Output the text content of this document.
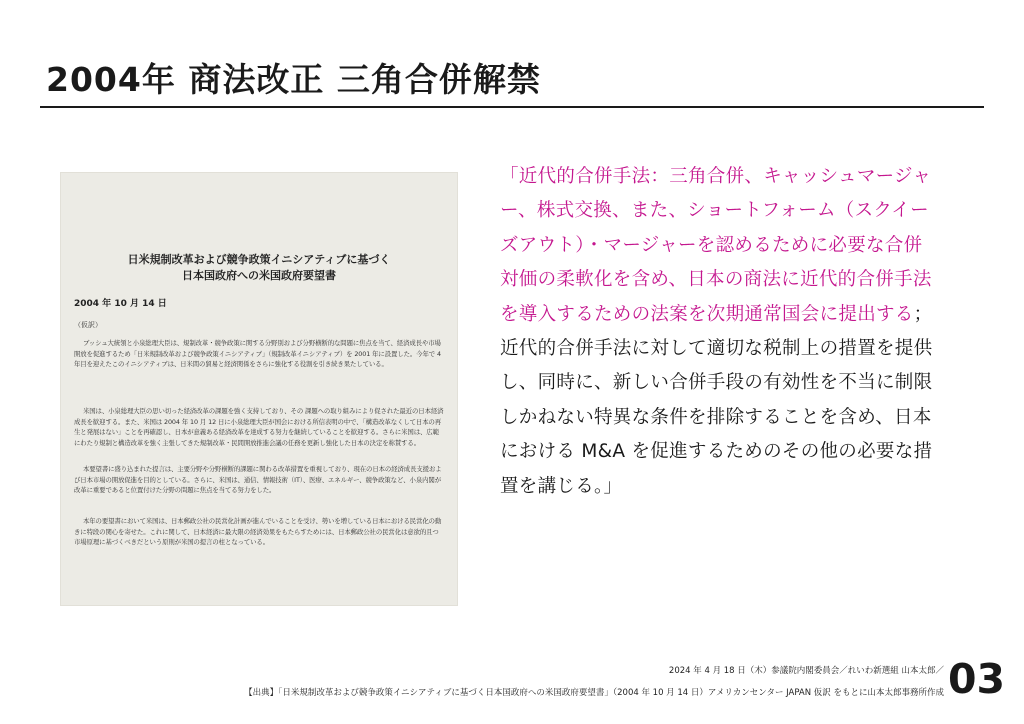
2004年 商法改正 三角合併解禁
日米規制改革および競争政策イニシアティブに基づく
日本国政府への米国政府要望書
2004 年 10 月 14 日
（仮訳）
ブッシュ大統領と小泉総理大臣は、規制改革・競争政策に関する分野別および分野横断的な問題に焦点を当て、経済成長や市場開放を促進するため「日米規制改革および競争政策イニシアティブ」（規制改革イニシアティブ）を 2001 年に設置した。今年で 4 年目を迎えたこのイニシアティブは、日米間の貿易と経済関係をさらに強化する役割を引き続き果たしている。
米国は、小泉総理大臣の思い切った経済改革の課題を強く支持しており、その 課題への取り組みにより促された最近の日本経済成長を歓迎する。また、米国は 2004 年 10 月 12 日に小泉総理大臣が国会における所信表明の中で、「構造改革なくして日本の再生と発展はない」ことを再確認し、日本が意義ある経済改革を達成する努力を継続していることを歓迎する。さらに米国は、広範にわたり規制と構造改革を強く主張してきた規制改革・民間開放推進会議の任務を更新し強化した日本の決定を称賛する。
本要望書に盛り込まれた提言は、主要分野や分野横断的課題に関わる改革措置を重視しており、現在の日本の経済成長支援および日本市場の開放促進を目的としている。さらに、米国は、通信、情報技術（IT）、医療、エネルギー、競争政策など、小泉内閣が改革に重要であると位置付けた分野の問題に焦点を当てる努力をした。
本年の要望書において米国は、日本郵政公社の民営化計画が進んでいることを受け、勢いを増している日本における民営化の動きに特段の関心を寄せた。これに関して、日本経済に最大限の経済効果をもたらすためには、日本郵政公社の民営化は意欲的且つ市場原理に基づくべきだという原則が米国の提言の柱となっている。
「近代的合併手法：三角合併、キャッシュマージャー、株式交換、また、ショートフォーム（スクイーズアウト）・マージャーを認めるために必要な合併対価の柔軟化を含め、日本の商法に近代的合併手法を導入するための法案を次期通常国会に提出する；近代的合併手法に対して適切な税制上の措置を提供し、同時に、新しい合併手段の有効性を不当に制限しかねない特異な条件を排除することを含め、日本における M&A を促進するためのその他の必要な措置を講じる。」
2024 年 4 月 18 日（木）参議院内閣委員会／れいわ新選組 山本太郎／
【出典】「日米規制改革および競争政策イニシアティブに基づく日本国政府への米国政府要望書」（2004 年 10 月 14 日）アメリカンセンター JAPAN 仮訳 をもとに山本太郎事務所作成 03
